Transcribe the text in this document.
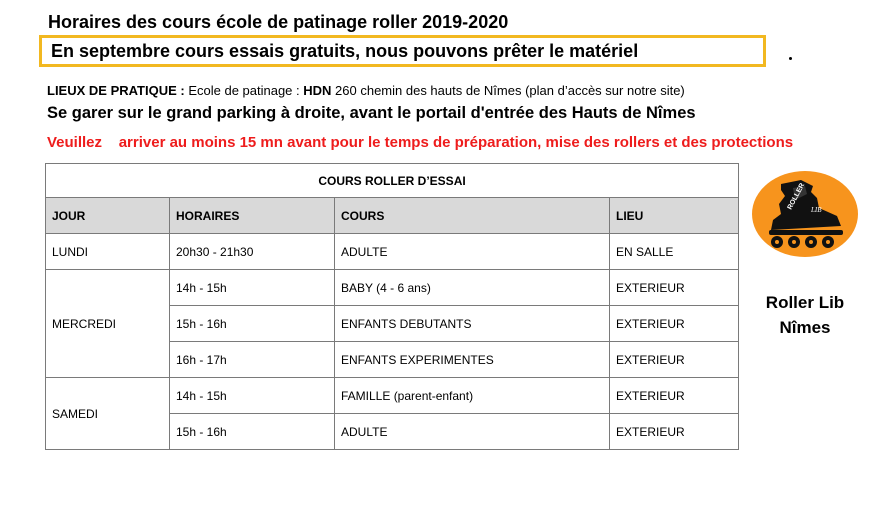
Horaires des cours école de patinage roller 2019-2020
En septembre cours essais gratuits, nous pouvons prêter le matériel
LIEUX DE PRATIQUE : Ecole de patinage : HDN 260 chemin des hauts de Nîmes (plan d’accès sur notre site)
Se garer sur le grand parking à droite, avant le portail d'entrée des Hauts de Nîmes
Veuillez    arriver au moins 15 mn avant pour le temps de préparation, mise des rollers et des protections
COURS ROLLER D’ESSAI			
JOUR	HORAIRES	COURS	LIEU
LUNDI	20h30 - 21h30	ADULTE	EN SALLE
MERCREDI	14h - 15h	BABY (4 - 6 ans)	EXTERIEUR
	15h - 16h	ENFANTS DEBUTANTS	EXTERIEUR
	16h - 17h	ENFANTS EXPERIMENTES	EXTERIEUR
SAMEDI	14h - 15h	FAMILLE (parent-enfant)	EXTERIEUR
	15h - 16h	ADULTE	EXTERIEUR
ROLLER LIB
Roller Lib
Nîmes
